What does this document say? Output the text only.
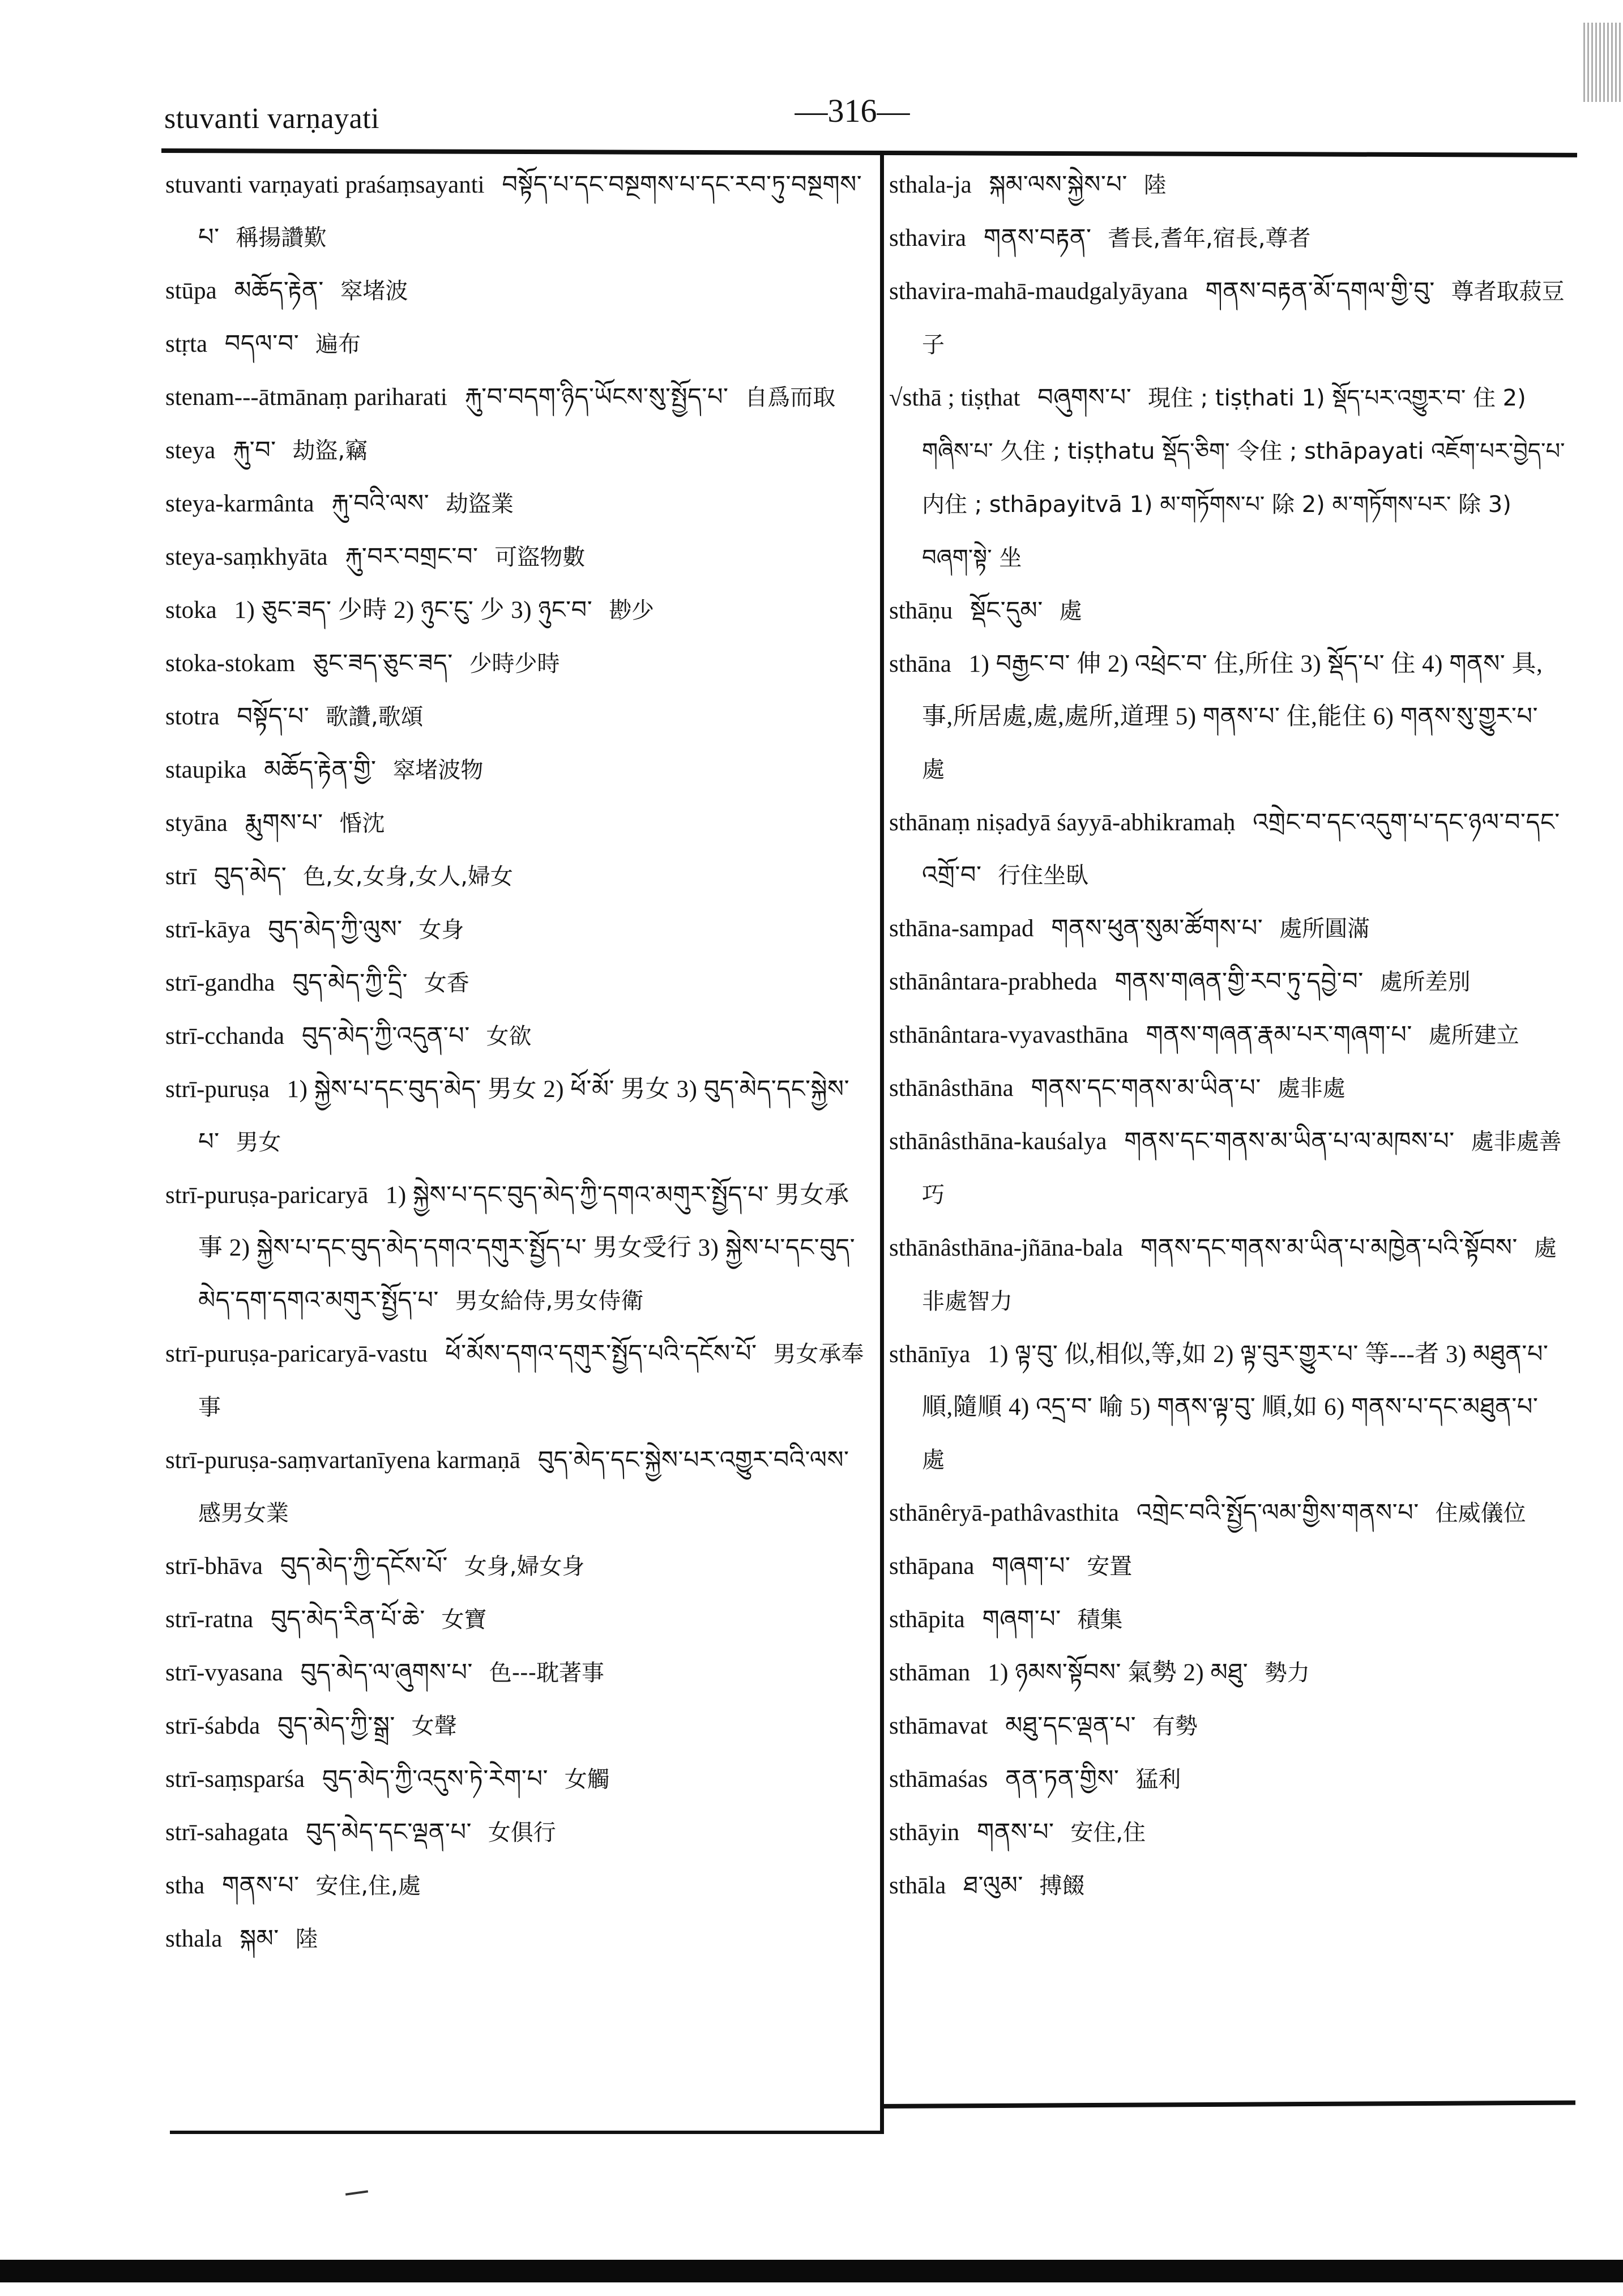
stuvanti varṇayati	—316—
stuvanti varṇayati praśaṃsayanti བསྟོད་པ་དང་བསྔགས་པ་དང་རབ་ཏུ་བསྔགས་པ་ 稱揚讚歎
stūpa མཆོད་རྟེན་ 窣堵波
stṛta བདལ་བ་ 遍布
stenam---ātmānaṃ pariharati རྐུ་བ་བདག་ཉིད་ཡོངས་སུ་སྤྱོད་པ་ 自爲而取
steya རྐུ་བ་ 劫盜,竊
steya-karmânta རྐུ་བའི་ལས་ 劫盜業
steya-saṃkhyāta རྐུ་བར་བགྲང་བ་ 可盜物數
stoka 1) ཅུང་ཟད་ 少時 2) ཉུང་ངུ་ 少 3) ཉུང་བ་ 尠少
stoka-stokam ཅུང་ཟད་ཅུང་ཟད་ 少時少時
stotra བསྟོད་པ་ 歌讚,歌頌
staupika མཆོད་རྟེན་གྱི་ 窣堵波物
styāna རྨུགས་པ་ 惛沈
strī བུད་མེད་ 色,女,女身,女人,婦女
strī-kāya བུད་མེད་ཀྱི་ལུས་ 女身
strī-gandha བུད་མེད་ཀྱི་དྲི་ 女香
strī-cchanda བུད་མེད་ཀྱི་འདུན་པ་ 女欲
strī-puruṣa 1) སྐྱེས་པ་དང་བུད་མེད་ 男女 2) ཕོ་མོ་ 男女 3) བུད་མེད་དང་སྐྱེས་པ་ 男女
strī-puruṣa-paricaryā 1) སྐྱེས་པ་དང་བུད་མེད་ཀྱི་དགའ་མགུར་སྤྱོད་པ་ 男女承事 2) སྐྱེས་པ་དང་བུད་མེད་དགའ་དགུར་སྤྱོད་པ་ 男女受行 3) སྐྱེས་པ་དང་བུད་མེད་དག་དགའ་མགུར་སྤྱོད་པ་ 男女給侍,男女侍衛
strī-puruṣa-paricaryā-vastu ཕོ་མོས་དགའ་དགུར་སྤྱོད་པའི་དངོས་པོ་ 男女承奉事
strī-puruṣa-saṃvartanīyena karmaṇā བུད་མེད་དང་སྐྱེས་པར་འགྱུར་བའི་ལས་ 感男女業
strī-bhāva བུད་མེད་ཀྱི་དངོས་པོ་ 女身,婦女身
strī-ratna བུད་མེད་རིན་པོ་ཆེ་ 女寶
strī-vyasana བུད་མེད་ལ་ཞུགས་པ་ 色---耽著事
strī-śabda བུད་མེད་ཀྱི་སྒྲ་ 女聲
strī-saṃsparśa བུད་མེད་ཀྱི་འདུས་ཏེ་རེག་པ་ 女觸
strī-sahagata བུད་མེད་དང་ལྡན་པ་ 女俱行
stha གནས་པ་ 安住,住,處
sthala སྐམ་ 陸
sthala-ja སྐམ་ལས་སྐྱེས་པ་ 陸
sthavira གནས་བརྟན་ 耆長,耆年,宿長,尊者
sthavira-mahā-maudgalyāyana གནས་བརྟན་མོ་དགལ་གྱི་བུ་ 尊者取菽豆子
√sthā ; tiṣṭhat བཞུགས་པ་ 現住 ; tiṣṭhati 1) སྡོད་པར་འགྱུར་བ་ 住 2) གཞིས་པ་ 久住 ; tiṣṭhatu སྡོད་ཅིག་ 令住 ; sthāpayati འཇོག་པར་བྱེད་པ་ 内住 ; sthāpayitvā 1) མ་གཏོགས་པ་ 除 2) མ་གཏོགས་པར་ 除 3) བཞག་སྟེ་ 坐
sthāṇu སྡོང་དུམ་ 處
sthāna 1) བརྒྱང་བ་ 伸 2) འཕྲེང་བ་ 住,所住 3) སྡོད་པ་ 住 4) གནས་ 具,事,所居處,處,處所,道理 5) གནས་པ་ 住,能住 6) གནས་སུ་གྱུར་པ་ 處
sthānaṃ niṣadyā śayyā-abhikramaḥ འགྲེང་བ་དང་འདུག་པ་དང་ཉལ་བ་དང་འགྲོ་བ་ 行住坐臥
sthāna-sampad གནས་ཕུན་སུམ་ཚོགས་པ་ 處所圓滿
sthānântara-prabheda གནས་གཞན་གྱི་རབ་ཏུ་དབྱེ་བ་ 處所差別
sthānântara-vyavasthāna གནས་གཞན་རྣམ་པར་གཞག་པ་ 處所建立
sthānâsthāna གནས་དང་གནས་མ་ཡིན་པ་ 處非處
sthānâsthāna-kauśalya གནས་དང་གནས་མ་ཡིན་པ་ལ་མཁས་པ་ 處非處善巧
sthānâsthāna-jñāna-bala གནས་དང་གནས་མ་ཡིན་པ་མཁྱེན་པའི་སྟོབས་ 處非處智力
sthānīya 1) ལྟ་བུ་ 似,相似,等,如 2) ལྟ་བུར་གྱུར་པ་ 等---者 3) མཐུན་པ་ 順,隨順 4) འདྲ་བ་ 喻 5) གནས་ལྟ་བུ་ 順,如 6) གནས་པ་དང་མཐུན་པ་ 處
sthānêryā-pathâvasthita འགྲེང་བའི་སྤྱོད་ལམ་གྱིས་གནས་པ་ 住威儀位
sthāpana གཞག་པ་ 安置
sthāpita གཞག་པ་ 積集
sthāman 1) ཉམས་སྟོབས་ 氣勢 2) མཐུ་ 勢力
sthāmavat མཐུ་དང་ལྡན་པ་ 有勢
sthāmaśas ནན་ཏན་གྱིས་ 猛利
sthāyin གནས་པ་ 安住,住
sthāla ཐ་ལུམ་ 搏餟
